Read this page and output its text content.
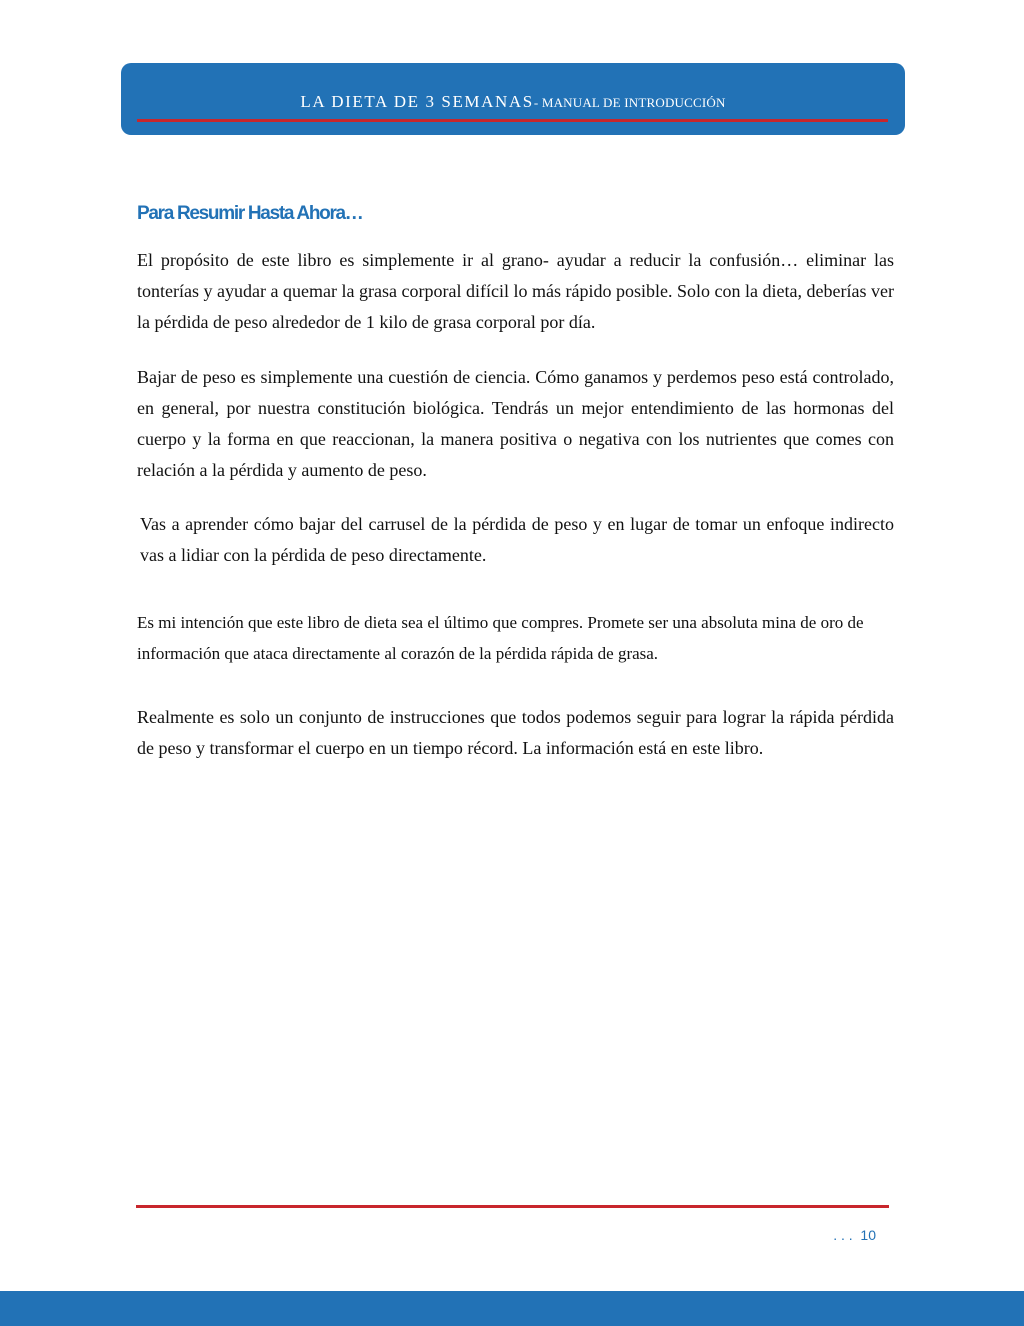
LA DIETA DE 3 SEMANAS- MANUAL DE INTRODUCCIÓN
Para Resumir Hasta Ahora…

El propósito de este libro es simplemente ir al grano- ayudar a reducir la confusión… eliminar las tonterías y ayudar a quemar la grasa corporal difícil lo más rápido posible. Solo con la dieta, deberías ver la pérdida de peso alrededor de 1 kilo de grasa corporal por día.

Bajar de peso es simplemente una cuestión de ciencia. Cómo ganamos y perdemos peso está controlado, en general, por nuestra constitución biológica. Tendrás un mejor entendimiento de las hormonas del cuerpo y la forma en que reaccionan, la manera positiva o negativa con los nutrientes que comes con relación a la pérdida y aumento de peso.

Vas a aprender cómo bajar del carrusel de la pérdida de peso y en lugar de tomar un enfoque indirecto vas a lidiar con la pérdida de peso directamente.

Es mi intención que este libro de dieta sea el último que compres. Promete ser una absoluta mina de oro de información que ataca directamente al corazón de la pérdida rápida de grasa.

Realmente es solo un conjunto de instrucciones que todos podemos seguir para lograr la rápida pérdida de peso y transformar el cuerpo en un tiempo récord. La información está en este libro.

. . .  10
